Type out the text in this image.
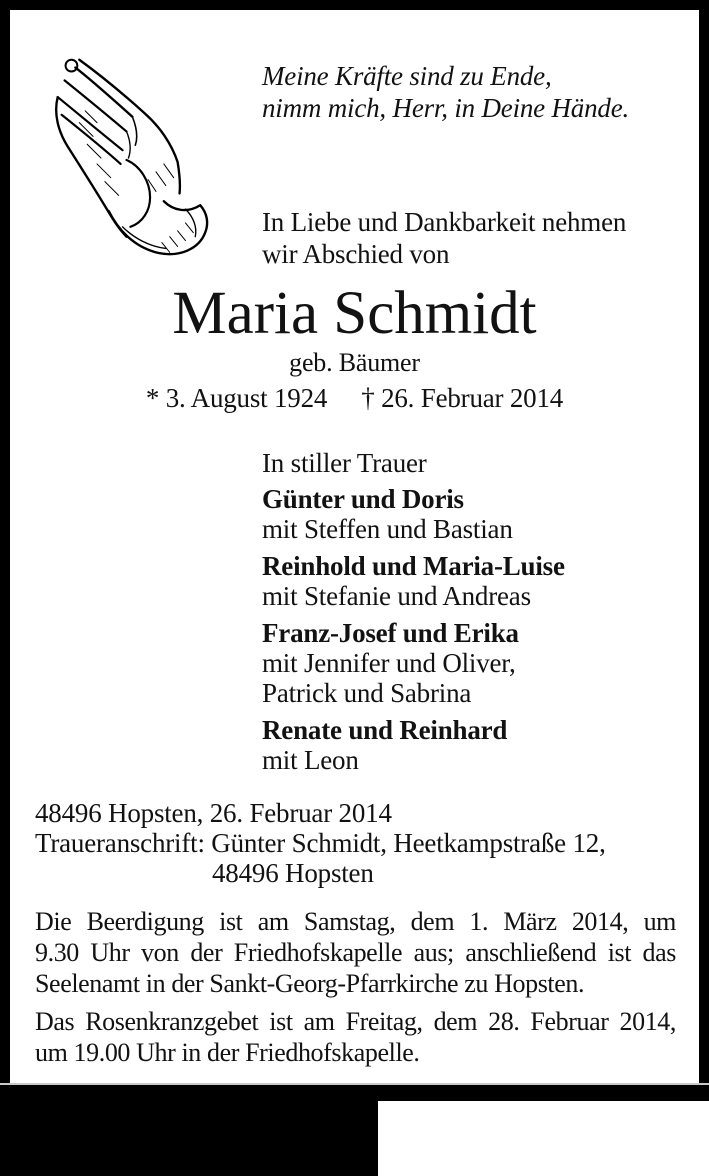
Meine Kräfte sind zu Ende,
nimm mich, Herr, in Deine Hände.
In Liebe und Dankbarkeit nehmen
wir Abschied von
Maria Schmidt
geb. Bäumer
* 3. August 1924 † 26. Februar 2014
In stiller Trauer
Günter und Doris
mit Steffen und Bastian
Reinhold und Maria-Luise
mit Stefanie und Andreas
Franz-Josef und Erika
mit Jennifer und Oliver,
Patrick und Sabrina
Renate und Reinhard
mit Leon
48496 Hopsten, 26. Februar 2014
Traueranschrift: Günter Schmidt, Heetkampstraße 12,
48496 Hopsten
Die Beerdigung ist am Samstag, dem 1. März 2014, um
9.30 Uhr von der Friedhofskapelle aus; anschließend ist das
Seelenamt in der Sankt-Georg-Pfarrkirche zu Hopsten.
Das Rosenkranzgebet ist am Freitag, dem 28. Februar 2014,
um 19.00 Uhr in der Friedhofskapelle.
